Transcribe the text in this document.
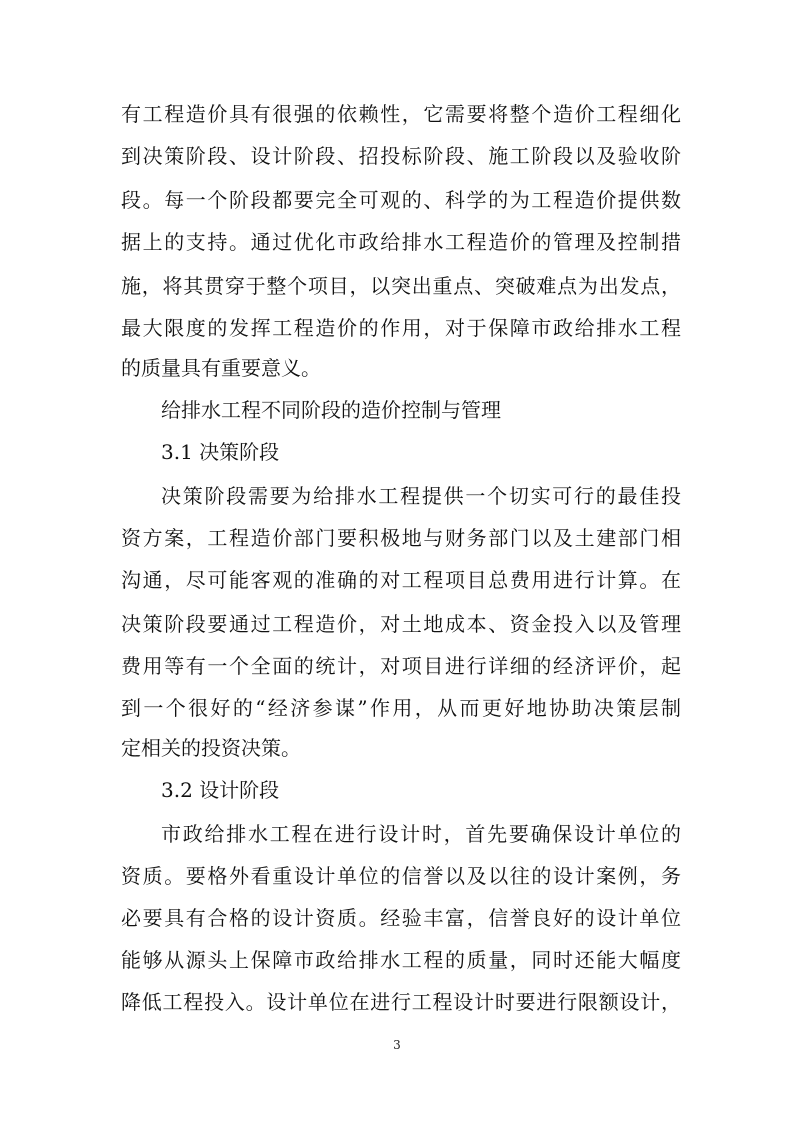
有工程造价具有很强的依赖性，它需要将整个造价工程细化
到决策阶段、设计阶段、招投标阶段、施工阶段以及验收阶
段。每一个阶段都要完全可观的、科学的为工程造价提供数
据上的支持。通过优化市政给排水工程造价的管理及控制措
施，将其贯穿于整个项目，以突出重点、突破难点为出发点，
最大限度的发挥工程造价的作用，对于保障市政给排水工程
的质量具有重要意义。
给排水工程不同阶段的造价控制与管理
3.1 决策阶段
决策阶段需要为给排水工程提供一个切实可行的最佳投
资方案，工程造价部门要积极地与财务部门以及土建部门相
沟通，尽可能客观的准确的对工程项目总费用进行计算。在
决策阶段要通过工程造价，对土地成本、资金投入以及管理
费用等有一个全面的统计，对项目进行详细的经济评价，起
到一个很好的“经济参谋”作用，从而更好地协助决策层制
定相关的投资决策。
3.2 设计阶段
市政给排水工程在进行设计时，首先要确保设计单位的
资质。要格外看重设计单位的信誉以及以往的设计案例，务
必要具有合格的设计资质。经验丰富，信誉良好的设计单位
能够从源头上保障市政给排水工程的质量，同时还能大幅度
降低工程投入。设计单位在进行工程设计时要进行限额设计，
3
